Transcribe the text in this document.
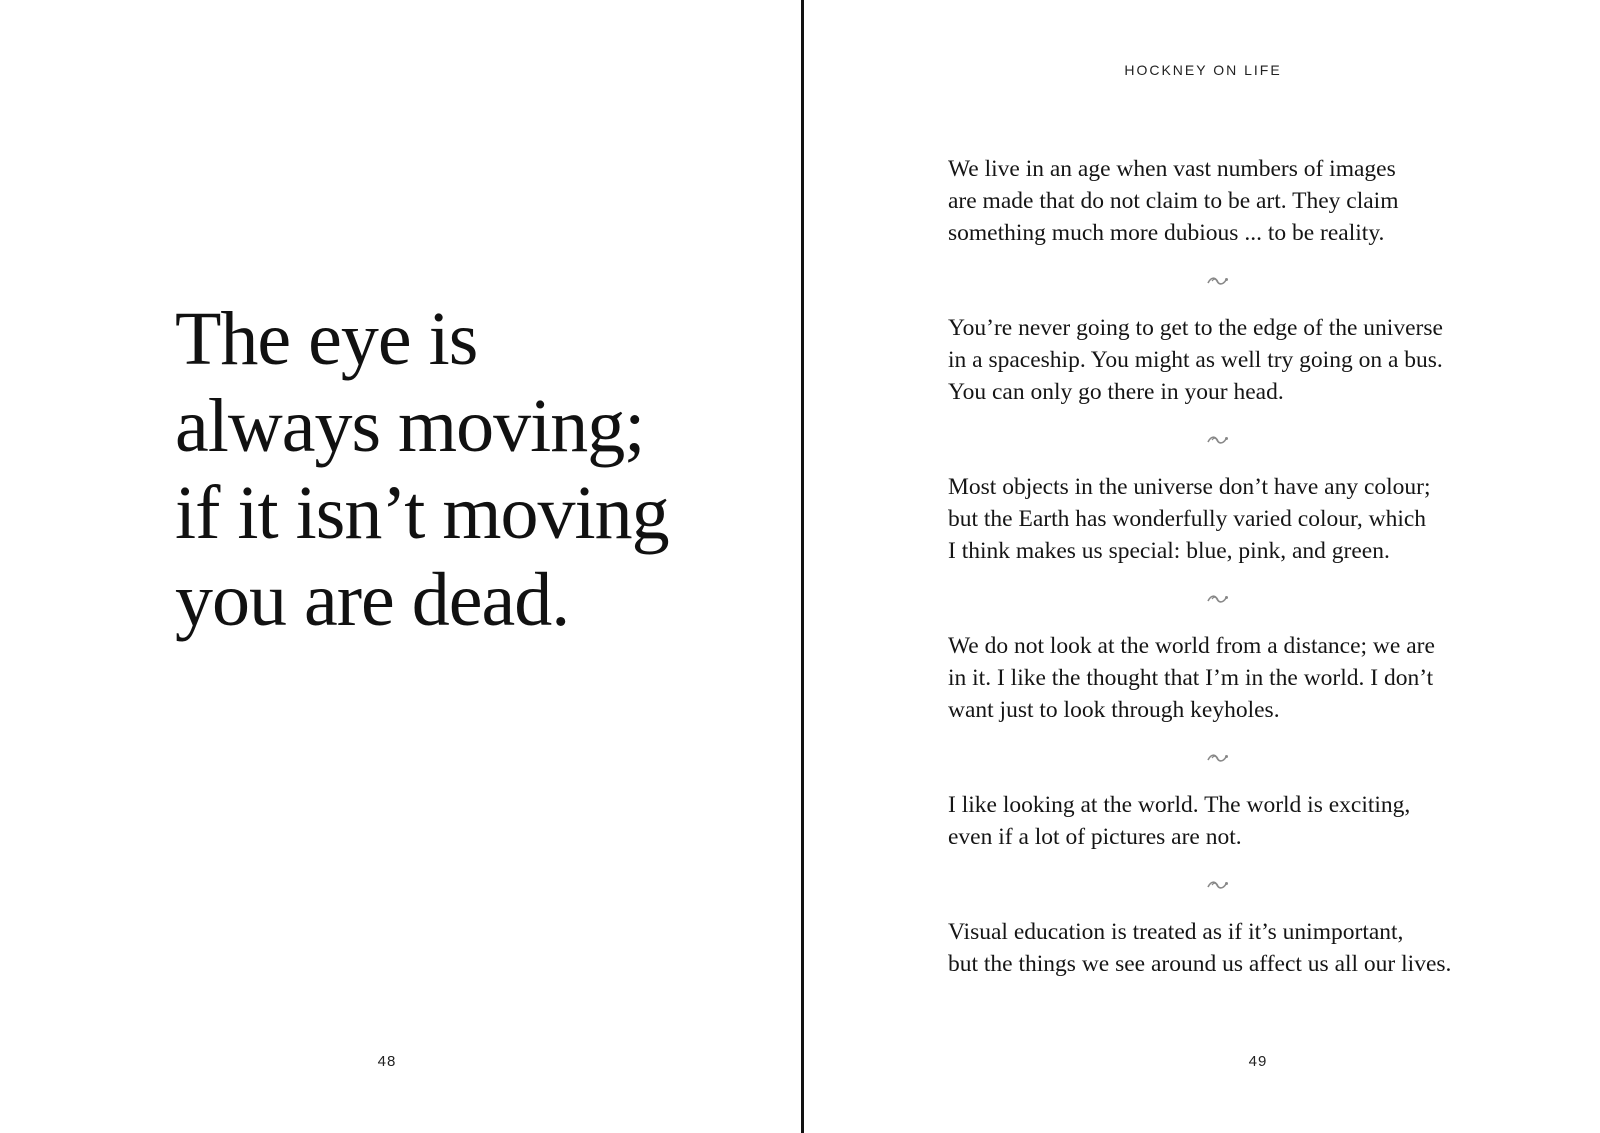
The eye is
always moving;
if it isn’t moving
you are dead.
48
HOCKNEY ON LIFE
We live in an age when vast numbers of images
are made that do not claim to be art. They claim
something much more dubious ... to be reality.
You’re never going to get to the edge of the universe
in a spaceship. You might as well try going on a bus.
You can only go there in your head.
Most objects in the universe don’t have any colour;
but the Earth has wonderfully varied colour, which
I think makes us special: blue, pink, and green.
We do not look at the world from a distance; we are
in it. I like the thought that I’m in the world. I don’t
want just to look through keyholes.
I like looking at the world. The world is exciting,
even if a lot of pictures are not.
Visual education is treated as if it’s unimportant,
but the things we see around us affect us all our lives.
49
